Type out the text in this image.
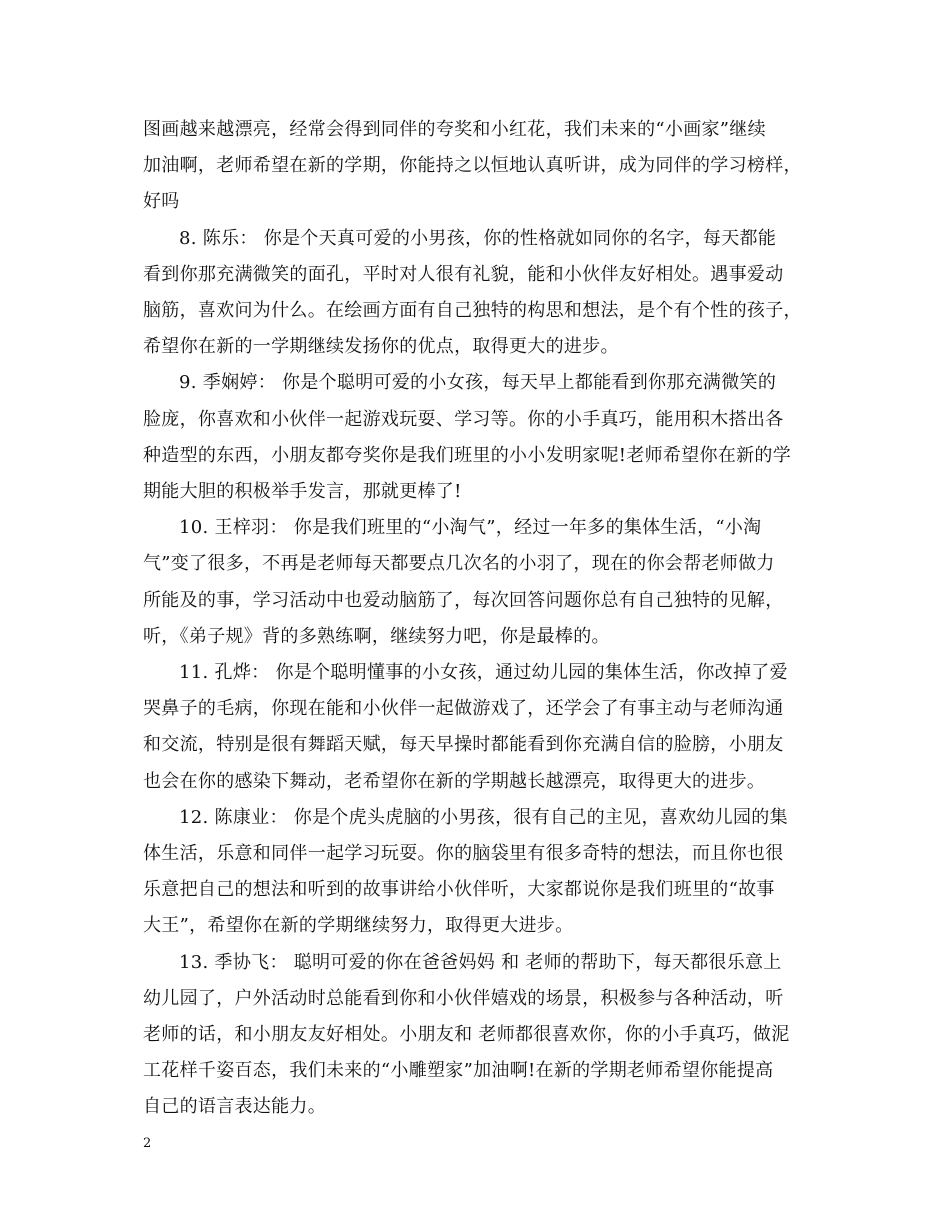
图画越来越漂亮，经常会得到同伴的夸奖和小红花，我们未来的“小画家”继续
加油啊，老师希望在新的学期，你能持之以恒地认真听讲，成为同伴的学习榜样，
好吗

8. 陈乐： 你是个天真可爱的小男孩，你的性格就如同你的名字，每天都能
看到你那充满微笑的面孔，平时对人很有礼貌，能和小伙伴友好相处。遇事爱动
脑筋，喜欢问为什么。在绘画方面有自己独特的构思和想法，是个有个性的孩子，
希望你在新的一学期继续发扬你的优点，取得更大的进步。

9. 季娴婷： 你是个聪明可爱的小女孩，每天早上都能看到你那充满微笑的
脸庞，你喜欢和小伙伴一起游戏玩耍、学习等。你的小手真巧，能用积木搭出各
种造型的东西，小朋友都夸奖你是我们班里的小小发明家呢!老师希望你在新的学
期能大胆的积极举手发言，那就更棒了!

10. 王梓羽： 你是我们班里的“小淘气”，经过一年多的集体生活，“小淘
气”变了很多，不再是老师每天都要点几次名的小羽了，现在的你会帮老师做力
所能及的事，学习活动中也爱动脑筋了，每次回答问题你总有自己独特的见解，
听，《弟子规》背的多熟练啊，继续努力吧，你是最棒的。

11. 孔烨： 你是个聪明懂事的小女孩，通过幼儿园的集体生活，你改掉了爱
哭鼻子的毛病，你现在能和小伙伴一起做游戏了，还学会了有事主动与老师沟通
和交流，特别是很有舞蹈天赋，每天早操时都能看到你充满自信的脸膀，小朋友
也会在你的感染下舞动，老希望你在新的学期越长越漂亮，取得更大的进步。

12. 陈康业： 你是个虎头虎脑的小男孩，很有自己的主见，喜欢幼儿园的集
体生活，乐意和同伴一起学习玩耍。你的脑袋里有很多奇特的想法，而且你也很
乐意把自己的想法和听到的故事讲给小伙伴听，大家都说你是我们班里的“故事
大王”，希望你在新的学期继续努力，取得更大进步。

13. 季协飞： 聪明可爱的你在爸爸妈妈 和 老师的帮助下，每天都很乐意上
幼儿园了，户外活动时总能看到你和小伙伴嬉戏的场景，积极参与各种活动，听
老师的话，和小朋友友好相处。小朋友和 老师都很喜欢你，你的小手真巧，做泥
工花样千姿百态，我们未来的“小雕塑家”加油啊!在新的学期老师希望你能提高
自己的语言表达能力。

2
